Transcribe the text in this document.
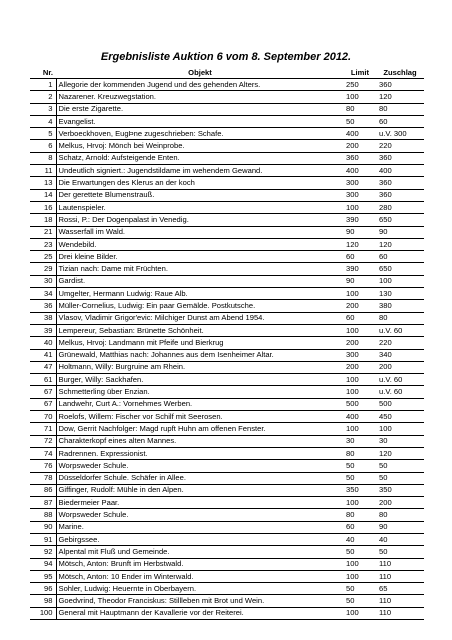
Ergebnisliste Auktion 6 vom 8. September 2012.
Nr.	Objekt	Limit	Zuschlag
1	Allegorie der kommenden Jugend und des gehenden Alters.	250	360
2	Nazarener. Kreuzwegstation.	100	120
3	Die erste Zigarette.	80	80
4	Evangelist.	50	60
5	Verboeckhoven, EugÞne zugeschrieben: Schafe.	400	u.V. 300
6	Melkus, Hrvoj: Mönch bei Weinprobe.	200	220
8	Schatz, Arnold: Aufsteigende Enten.	360	360
11	Undeutlich signiert.: Jugendstildame im wehendem Gewand.	400	400
13	Die Erwartungen des Klerus an der koch	300	360
14	Der gerettete Blumenstrauß.	300	360
16	Lautenspieler.	100	280
18	Rossi, P.: Der Dogenpalast in Venedig.	390	650
21	Wasserfall im Wald.	90	90
23	Wendebild.	120	120
25	Drei kleine Bilder.	60	60
29	Tizian nach: Dame mit Früchten.	390	650
30	Gardist.	90	100
34	Umgelter, Hermann Ludwig: Raue Alb.	100	130
36	Müller-Cornelius, Ludwig: Ein paar Gemälde. Postkutsche.	200	380
38	Vlasov, Vladimir Grigor'evic: Milchiger Dunst am Abend 1954.	60	80
39	Lempereur, Sebastian: Brünette Schönheit.	100	u.V. 60
40	Melkus, Hrvoj: Landmann mit Pfeife und Bierkrug	200	220
41	Grünewald, Matthias nach: Johannes aus dem Isenheimer Altar.	300	340
47	Holtmann, Willy: Burgruine am Rhein.	200	200
61	Burger, Willy: Sackhafen.	100	u.V. 60
67	Schmetterling über Enzian.	100	u.V. 60
67	Landwehr, Curt A.: Vornehmes Werben.	500	500
70	Roelofs, Willem: Fischer vor Schilf mit Seerosen.	400	450
71	Dow, Gerrit Nachfolger: Magd rupft Huhn am offenen Fenster.	100	100
72	Charakterkopf eines alten Mannes.	30	30
74	Radrennen. Expressionist.	80	120
76	Worpsweder Schule.	50	50
78	Düsseldorfer Schule. Schäfer in Allee.	50	50
86	Giffinger, Rudolf: Mühle in den Alpen.	350	350
87	Biedermeier Paar.	100	200
88	Worpsweder Schule.	80	80
90	Marine.	60	90
91	Gebirgssee.	40	40
92	Alpental mit Fluß und Gemeinde.	50	50
94	Mötsch, Anton: Brunft im Herbstwald.	100	110
95	Mötsch, Anton: 10 Ender im Winterwald.	100	110
96	Sohler, Ludwig: Heuernte in Oberbayern.	50	65
98	Goedvrind, Theodor Franciskus: Stillleben mit Brot und Wein.	50	110
100	General mit Hauptmann der Kavallerie vor der Reiterei.	100	110
